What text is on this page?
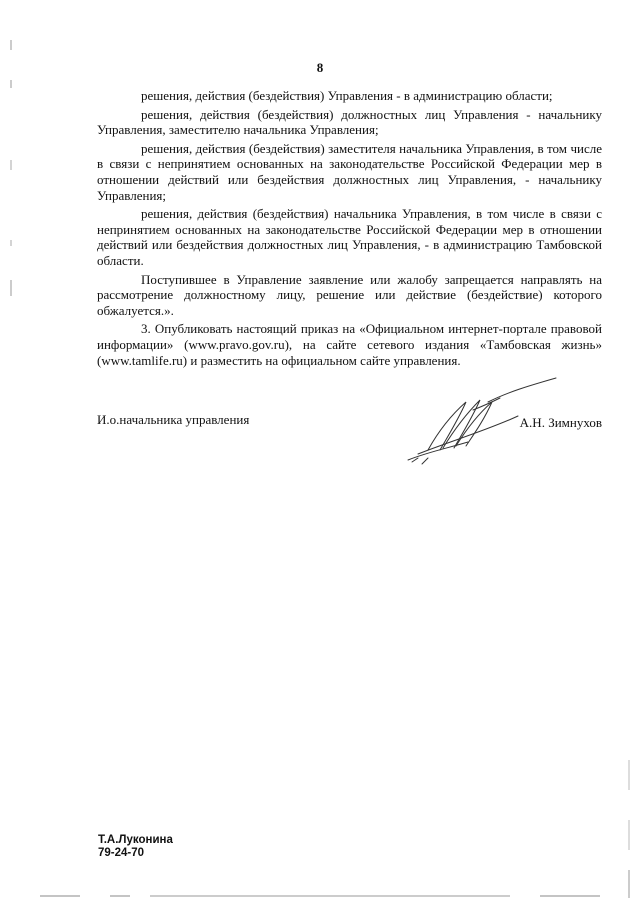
8

решения, действия (бездействия) Управления - в администрацию области;

решения, действия (бездействия) должностных лиц Управления - начальнику Управления, заместителю начальника Управления;

решения, действия (бездействия) заместителя начальника Управления, в том числе в связи с непринятием основанных на законодательстве Российской Федерации мер в отношении действий или бездействия должностных лиц Управления, - начальнику Управления;

решения, действия (бездействия) начальника Управления, в том числе в связи с непринятием основанных на законодательстве Российской Федерации мер в отношении действий или бездействия должностных лиц Управления, - в администрацию Тамбовской области.

Поступившее в Управление заявление или жалобу запрещается направлять на рассмотрение должностному лицу, решение или действие (бездействие) которого обжалуется.».

3. Опубликовать настоящий приказ на «Официальном интернет-портале правовой информации» (www.pravo.gov.ru), на сайте сетевого издания «Тамбовская жизнь» (www.tamlife.ru) и разместить на официальном сайте управления.

И.о.начальника управления	А.Н. Зимнухов
Т.А.Луконина
79-24-70
